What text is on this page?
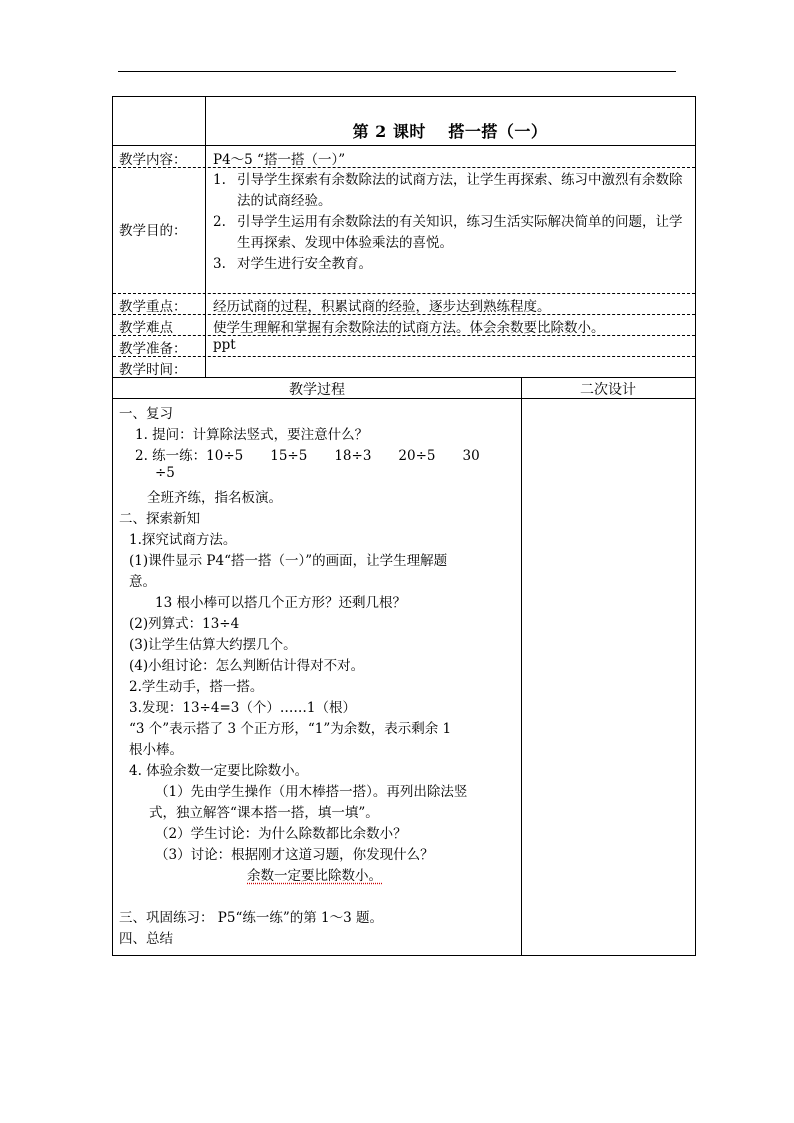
第 2 课时　 搭一搭（一）
教学内容： P4～5 “搭一搭（一）”
教学目的：
1. 引导学生探索有余数除法的试商方法，让学生再探索、练习中激烈有余数除法的试商经验。
2. 引导学生运用有余数除法的有关知识，练习生活实际解决简单的问题，让学生再探索、发现中体验乘法的喜悦。
3. 对学生进行安全教育。
教学重点： 经历试商的过程，积累试商的经验，逐步达到熟练程度。
教学难点	使学生理解和掌握有余数除法的试商方法。体会余数要比除数小。
教学准备： ppt
教学时间：
教学过程	二次设计
一、复习
1. 提问：计算除法竖式，要注意什么？
2. 练一练：10÷5　　15÷5　　18÷3　　20÷5　　30
÷5
全班齐练，指名板演。
二、探索新知
1.探究试商方法。
(1)课件显示 P4“搭一搭（一）”的画面，让学生理解题
意。
13 根小棒可以搭几个正方形？还剩几根？
(2)列算式：13÷4
(3)让学生估算大约摆几个。
(4)小组讨论：怎么判断估计得对不对。
2.学生动手，搭一搭。
3.发现：13÷4=3（个）……1（根）
“3 个”表示搭了 3 个正方形，“1”为余数，表示剩余 1
根小棒。
4. 体验余数一定要比除数小。
（1）先由学生操作（用木棒搭一搭）。再列出除法竖
式，独立解答“课本搭一搭，填一填”。
（2）学生讨论：为什么除数都比余数小？
（3）讨论：根据刚才这道习题，你发现什么？
余数一定要比除数小。
三、巩固练习： P5“练一练”的第 1～3 题。
四、总结
